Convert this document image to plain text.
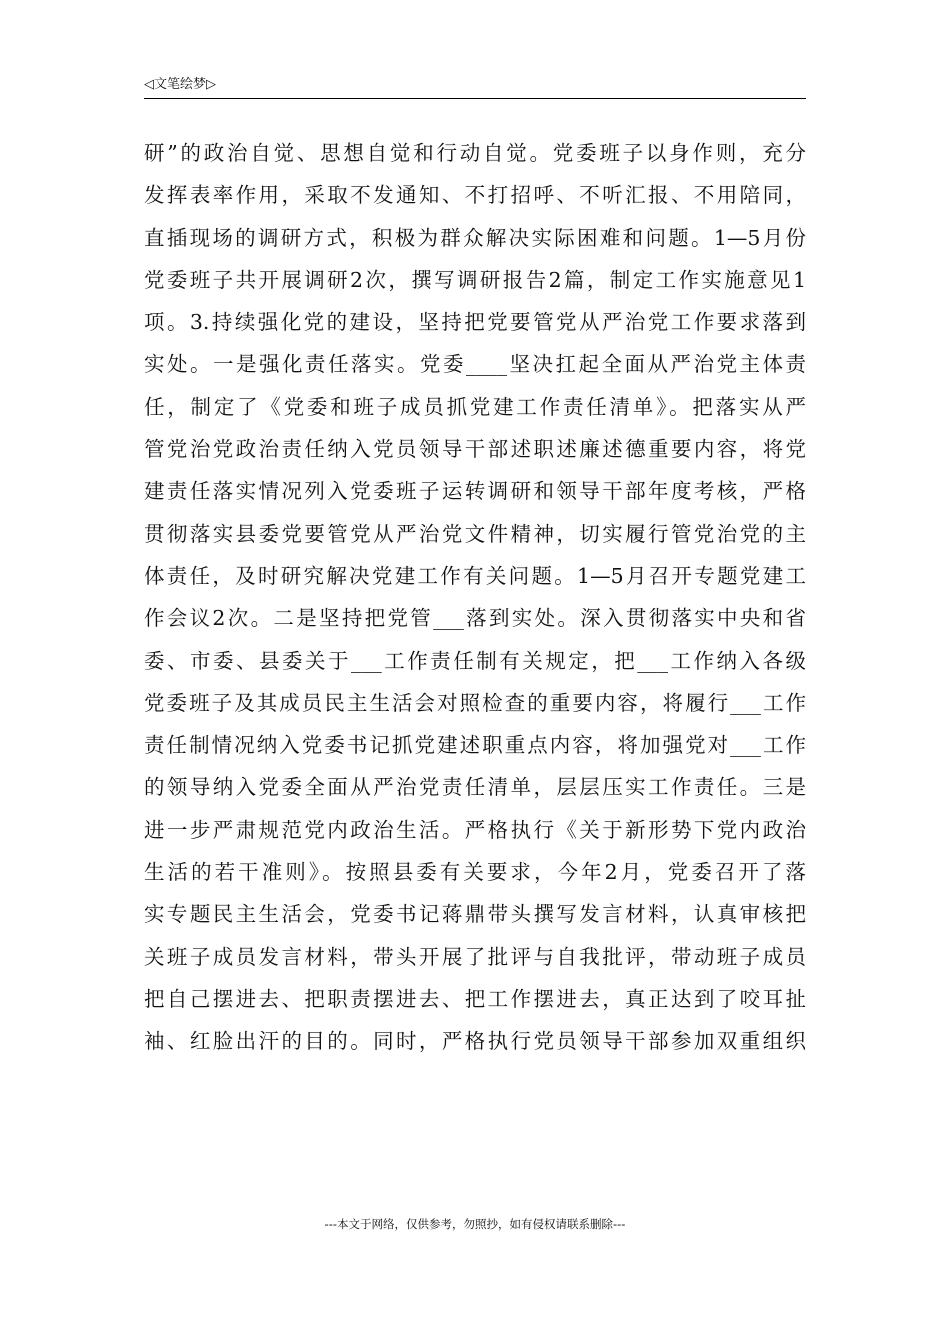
◁文笔绘梦▷
研”的政治自觉、思想自觉和行动自觉。党委班子以身作则，充分
发挥表率作用，采取不发通知、不打招呼、不听汇报、不用陪同，
直插现场的调研方式，积极为群众解决实际困难和问题。1—5月份
党委班子共开展调研2次，撰写调研报告2篇，制定工作实施意见1
项。3.持续强化党的建设，坚持把党要管党从严治党工作要求落到
实处。一是强化责任落实。党委____坚决扛起全面从严治党主体责
任，制定了《党委和班子成员抓党建工作责任清单》。把落实从严
管党治党政治责任纳入党员领导干部述职述廉述德重要内容，将党
建责任落实情况列入党委班子运转调研和领导干部年度考核，严格
贯彻落实县委党要管党从严治党文件精神，切实履行管党治党的主
体责任，及时研究解决党建工作有关问题。1—5月召开专题党建工
作会议2次。二是坚持把党管___落到实处。深入贯彻落实中央和省
委、市委、县委关于___工作责任制有关规定，把___工作纳入各级
党委班子及其成员民主生活会对照检查的重要内容，将履行___工作
责任制情况纳入党委书记抓党建述职重点内容，将加强党对___工作
的领导纳入党委全面从严治党责任清单，层层压实工作责任。三是
进一步严肃规范党内政治生活。严格执行《关于新形势下党内政治
生活的若干准则》。按照县委有关要求，今年2月，党委召开了落
实专题民主生活会，党委书记蒋鼎带头撰写发言材料，认真审核把
关班子成员发言材料，带头开展了批评与自我批评，带动班子成员
把自己摆进去、把职责摆进去、把工作摆进去，真正达到了咬耳扯
袖、红脸出汗的目的。同时，严格执行党员领导干部参加双重组织
---本文于网络，仅供参考，勿照抄，如有侵权请联系删除---
